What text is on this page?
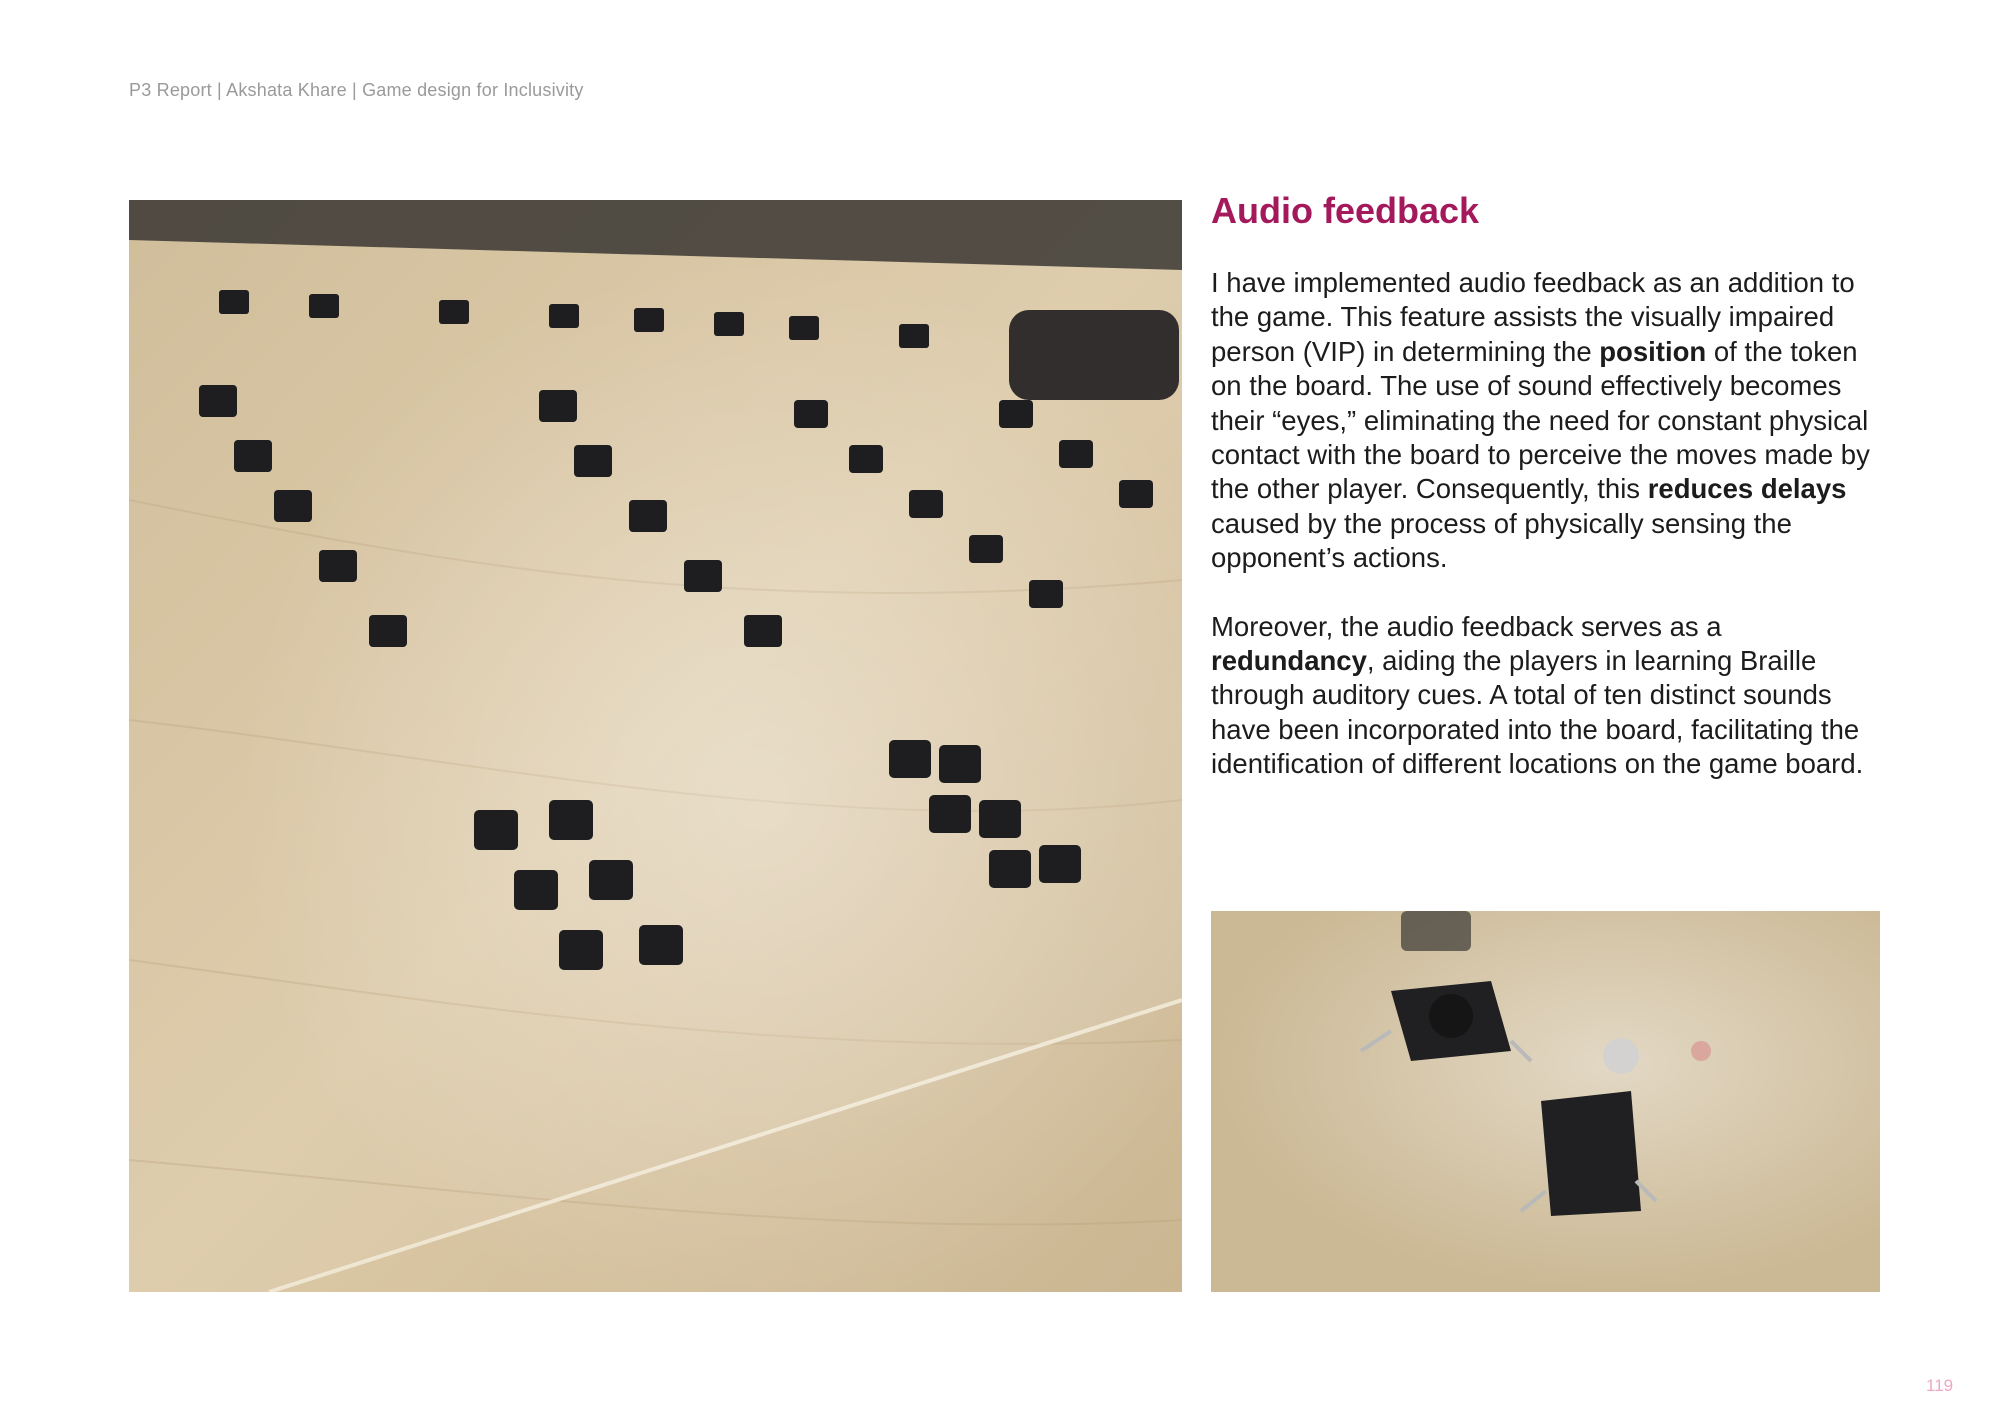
P3 Report | Akshata Khare | Game design for Inclusivity
Audio feedback

I have implemented audio feedback as an addition to the game. This feature assists the visually impaired person (VIP) in determining the position of the token on the board. The use of sound effectively becomes their “eyes,” eliminating the need for constant physical contact with the board to perceive the moves made by the other player. Consequently, this reduces delays caused by the process of physically sensing the opponent’s actions.

Moreover, the audio feedback serves as a redundancy, aiding the players in learning Braille through auditory cues. A total of ten distinct sounds have been incorporated into the board, facilitating the identification of different locations on the game board.

119
